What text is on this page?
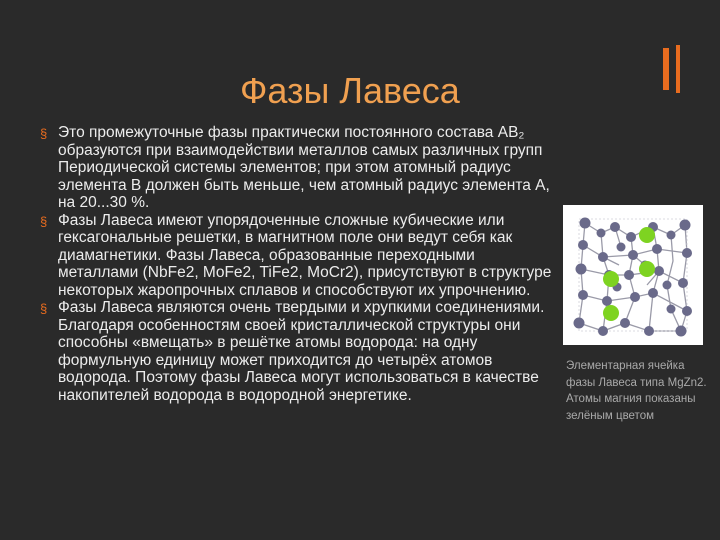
Фазы Лавеса

§ Это промежуточные фазы практически постоянного состава АВ₂ образуются при взаимодействии металлов самых различных групп Периодической системы элементов; при этом атомный радиус элемента В должен быть меньше, чем атомный радиус элемента А, на 20...30 %.

§ Фазы Лавеса имеют упорядоченные сложные кубические или гексагональные решетки, в магнитном поле они ведут себя как диамагнетики. Фазы Лавеса, образованные переходными металлами (NbFe2, MoFe2, TiFe2, MoCr2), присутствуют в структуре некоторых жаропрочных сплавов и способствуют их упрочнению.

§ Фазы Лавеса являются очень твердыми и хрупкими соединениями. Благодаря особенностям своей кристаллической структуры они способны «вмещать» в решётке атомы водорода: на одну формульную единицу может приходится до четырёх атомов водорода. Поэтому фазы Лавеса могут использоваться в качестве накопителей водорода в водородной энергетике.

Элементарная ячейка фазы Лавеса типа MgZn2. Атомы магния показаны зелёным цветом
